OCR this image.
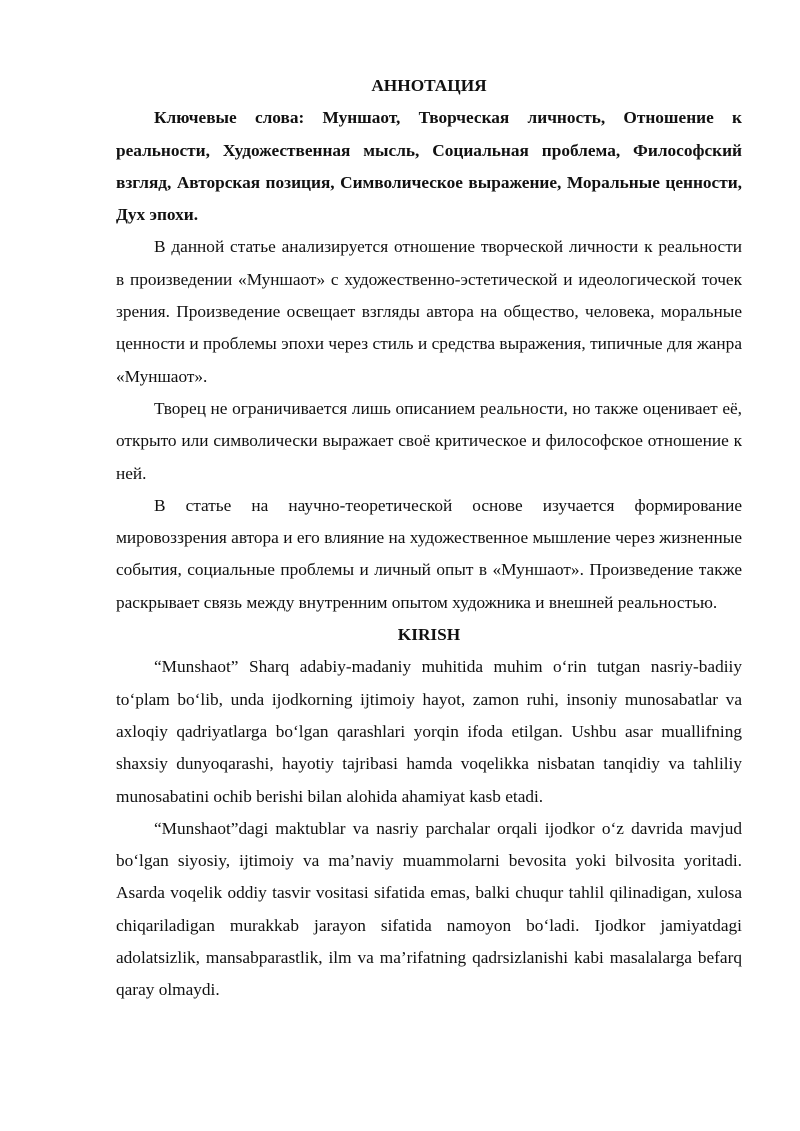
АННОТАЦИЯ

Ключевые слова: Муншаот, Творческая личность, Отношение к реальности, Художественная мысль, Социальная проблема, Философский взгляд, Авторская позиция, Символическое выражение, Моральные ценности, Дух эпохи.

В данной статье анализируется отношение творческой личности к реальности в произведении «Муншаот» с художественно-эстетической и идеологической точек зрения. Произведение освещает взгляды автора на общество, человека, моральные ценности и проблемы эпохи через стиль и средства выражения, типичные для жанра «Муншаот».

Творец не ограничивается лишь описанием реальности, но также оценивает её, открыто или символически выражает своё критическое и философское отношение к ней.

В статье на научно-теоретической основе изучается формирование мировоззрения автора и его влияние на художественное мышление через жизненные события, социальные проблемы и личный опыт в «Муншаот». Произведение также раскрывает связь между внутренним опытом художника и внешней реальностью.

KIRISH

“Munshaot” Sharq adabiy-madaniy muhitida muhim o‘rin tutgan nasriy-badiiy to‘plam bo‘lib, unda ijodkorning ijtimoiy hayot, zamon ruhi, insoniy munosabatlar va axloqiy qadriyatlarga bo‘lgan qarashlari yorqin ifoda etilgan. Ushbu asar muallifning shaxsiy dunyoqarashi, hayotiy tajribasi hamda voqelikka nisbatan tanqidiy va tahliliy munosabatini ochib berishi bilan alohida ahamiyat kasb etadi.

“Munshaot”dagi maktublar va nasriy parchalar orqali ijodkor o‘z davrida mavjud bo‘lgan siyosiy, ijtimoiy va ma’naviy muammolarni bevosita yoki bilvosita yoritadi. Asarda voqelik oddiy tasvir vositasi sifatida emas, balki chuqur tahlil qilinadigan, xulosa chiqariladigan murakkab jarayon sifatida namoyon bo‘ladi. Ijodkor jamiyatdagi adolatsizlik, mansabparastlik, ilm va ma’rifatning qadrsizlanishi kabi masalalarga befarq qaray olmaydi.
